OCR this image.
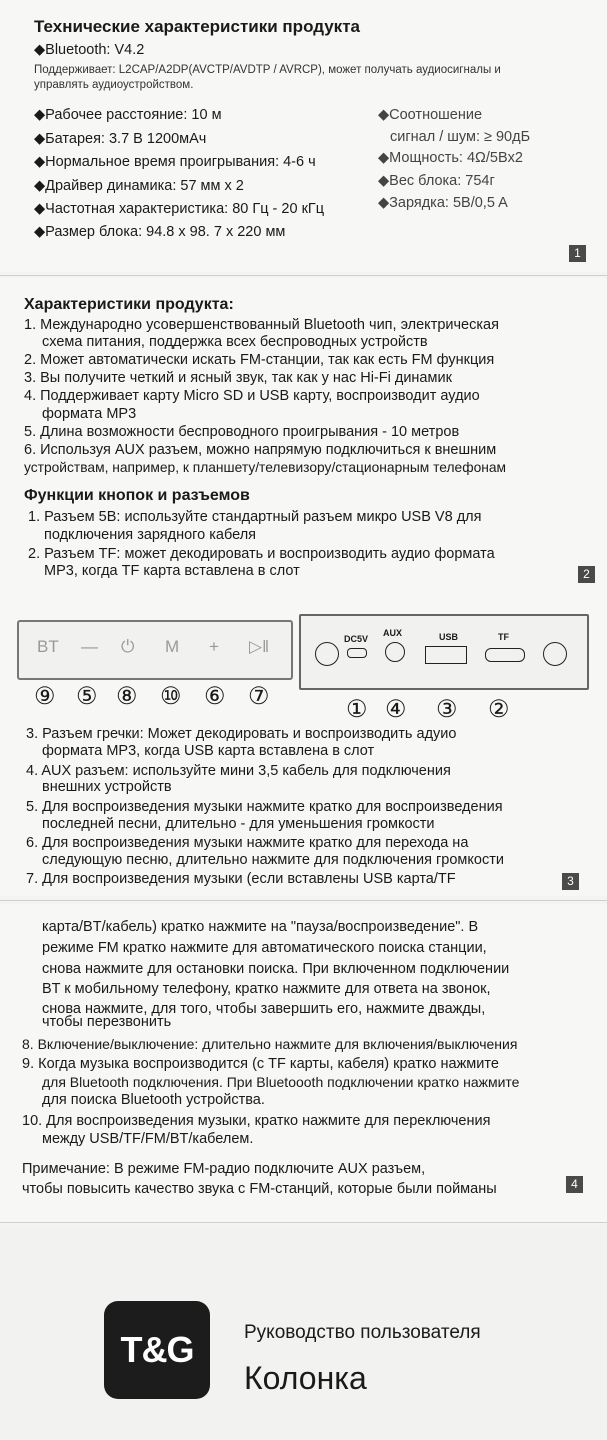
Технические характеристики продукта
◆Bluetooth: V4.2
Поддерживает: L2CAP/A2DP(AVCTP/AVDTP / AVRCP), может получать аудиосигналы и
управлять аудиоустройством.
◆Рабочее расстояние: 10 м
◆Батарея: 3.7 В 1200мАч
◆Нормальное время проигрывания: 4-6 ч
◆Драйвер динамика: 57 мм x 2
◆Частотная характеристика: 80 Гц - 20 кГц
◆Размер блока: 94.8 x 98. 7 x 220 мм
◆Соотношение
сигнал / шум: ≥ 90дБ
◆Мощность: 4Ω/5Bx2
◆Вес блока: 754г
◆Зарядка: 5B/0,5 A
1
Характеристики продукта:
1. Международно усовершенствованный Bluetooth чип, электрическая
схема питания, поддержка всех беспроводных устройств
2. Может автоматически искать FM-станции, так как есть FM функция
3. Вы получите четкий и ясный звук, так как у нас Hi-Fi динамик
4. Поддерживает карту Micro SD и USB карту, воспроизводит аудио
формата MP3
5. Длина возможности беспроводного проигрывания - 10 метров
6. Используя AUX разъем, можно напрямую подключиться к внешним
устройствам, например, к планшету/телевизору/стационарным телефонам
Функции кнопок и разъемов
1. Разъем 5В: используйте стандартный разъем микро USB V8 для
подключения зарядного кабеля
2. Разъем TF: может декодировать и воспроизводить аудио формата
MP3, когда TF карта вставлена в слот	2
BT — ⏻ M + ▷‖
⑨ ⑤ ⑧ ⑩ ⑥ ⑦
DC5V
AUX	USB	TF
① ④ ③ ②
3. Разъем гречки: Может декодировать и воспроизводить адуио
формата MP3, когда USB карта вставлена в слот
4. AUX разъем: используйте мини 3,5 кабель для подключения
внешних устройств
5. Для воспроизведения музыки нажмите кратко для воспроизведения
последней песни, длительно - для уменьшения громкости
6. Для воспроизведения музыки нажмите кратко для перехода на
следующую песню, длительно нажмите для подключения громкости
7. Для воспроизведения музыки (если вставлены USB карта/TF	3
карта/BT/кабель) кратко нажмите на "пауза/воспроизведение". В
режиме FM кратко нажмите для автоматического поиска станции,
снова нажмите для остановки поиска. При включенном подключении
BT к мобильному телефону, кратко нажмите для ответа на звонок,
снова нажмите, для того, чтобы завершить его, нажмите дважды,
чтобы перезвонить
8. Включение/выключение: длительно нажмите для включения/выключения
9. Когда музыка воспроизводится (с TF карты, кабеля) кратко нажмите
для Bluetooth подключения. При Bluetoooth подключении кратко нажмите
для поиска Bluetooth устройства.
10. Для воспроизведения музыки, кратко нажмите для переключения
между USB/TF/FM/BT/кабелем.
Примечание: В режиме FM-радио подключите AUX разъем,
чтобы повысить качество звука с FM-станций, которые были пойманы	4
T&G	Руководство пользователя
Колонка
